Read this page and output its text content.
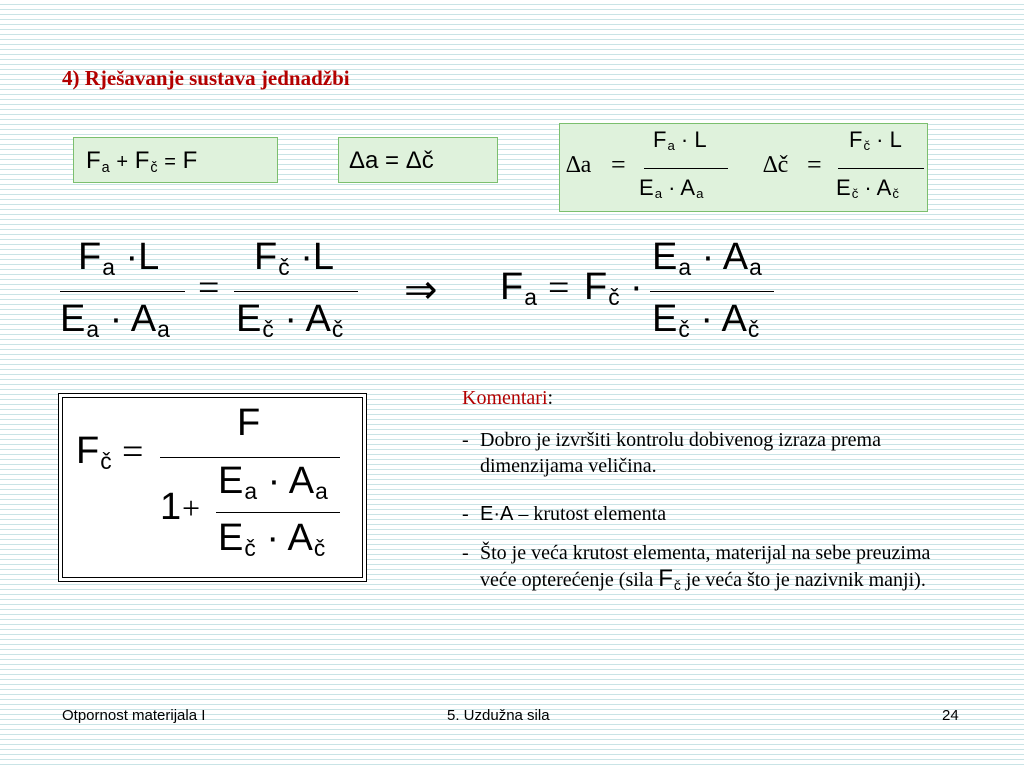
4) Rješavanje sustava jednadžbi
$F_a + F_č = F$	Δa = Δč	∆a =
$F_a \cdot L$
$E_a \cdot A_a$
∆č =
$F_č \cdot L$
$E_č \cdot A_č$
$F_a \cdot L$
$E_a \cdot A_a$
=
$F_č \cdot L$
$E_č \cdot A_č$
⇒ $F_a = F_č$ ·
$E_a \cdot A_a$
$E_č \cdot A_č$
$F_č$ =
F
1 +
$E_a \cdot A_a$
$E_č \cdot A_č$
Komentari:
- Dobro je izvršiti kontrolu dobivenog izraza prema dimenzijama veličina.
- E·A – krutost elementa
- Što je veća krutost elementa, materijal na sebe preuzima veće opterećenje (sila $F_č$ je veća što je nazivnik manji).
Otpornost materijala I	5. Uzdužna sila	24
